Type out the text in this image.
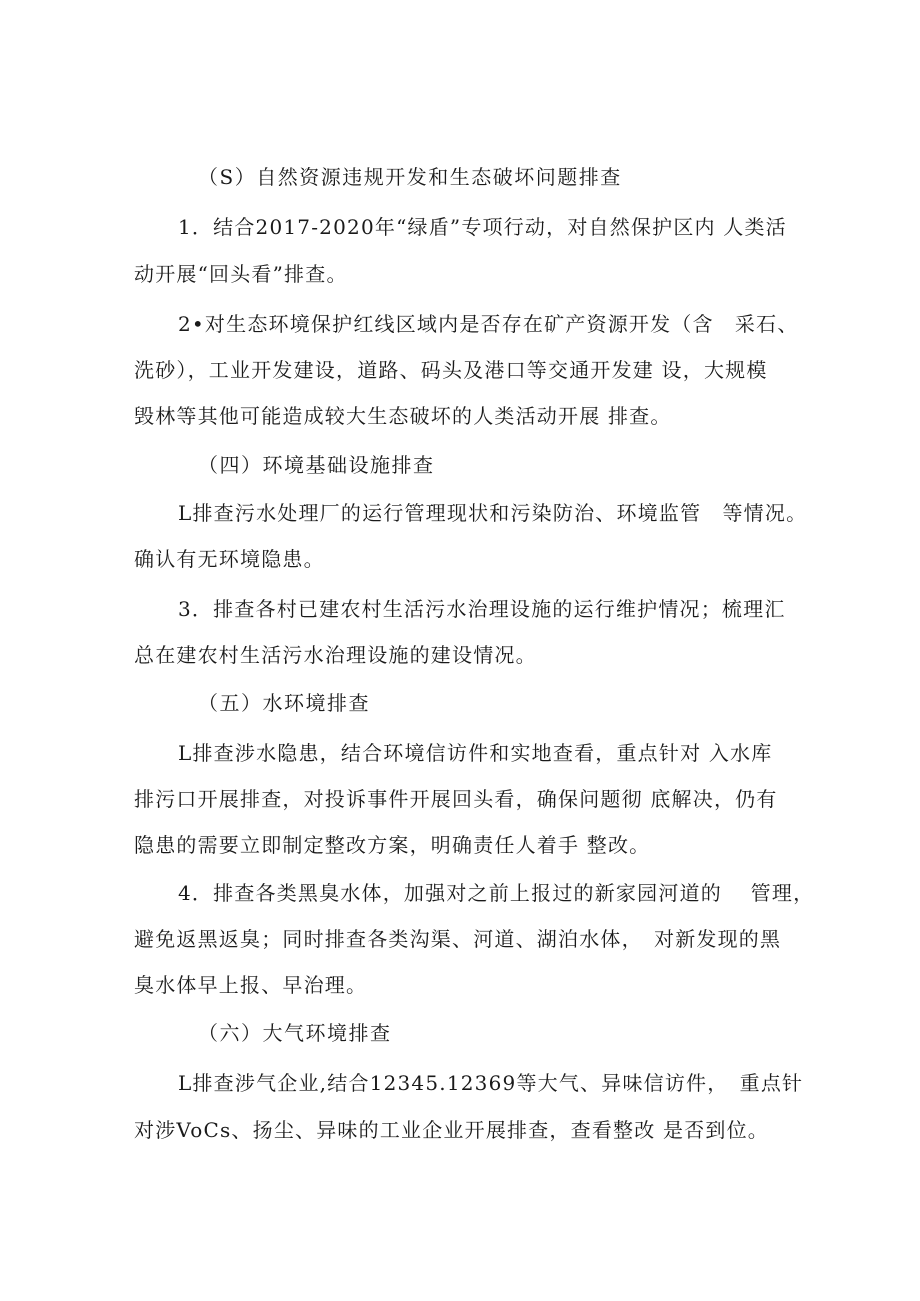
（S）自然资源违规开发和生态破坏问题排查
1．结合2017-2020年“绿盾”专项行动，对自然保护区内 人类活
动开展“回头看”排查。
2•对生态环境保护红线区域内是否存在矿产资源开发（含　采石、
洗砂），工业开发建设，道路、码头及港口等交通开发建 设，大规模
毁林等其他可能造成较大生态破坏的人类活动开展 排查。
（四）环境基础设施排查
L排查污水处理厂的运行管理现状和污染防治、环境监管　等情况。
确认有无环境隐患。
3．排查各村已建农村生活污水治理设施的运行维护情况；梳理汇
总在建农村生活污水治理设施的建设情况。
（五）水环境排查
L排查涉水隐患，结合环境信访件和实地查看，重点针对 入水库
排污口开展排查，对投诉事件开展回头看，确保问题彻 底解决，仍有
隐患的需要立即制定整改方案，明确责任人着手 整改。
4．排查各类黑臭水体，加强对之前上报过的新家园河道的　 管理，
避免返黑返臭；同时排查各类沟渠、河道、湖泊水体，　对新发现的黑
臭水体早上报、早治理。
（六）大气环境排查
L排查涉气企业,结合12345.12369等大气、异味信访件，　重点针
对涉VoCs、扬尘、异味的工业企业开展排查，查看整改 是否到位。
